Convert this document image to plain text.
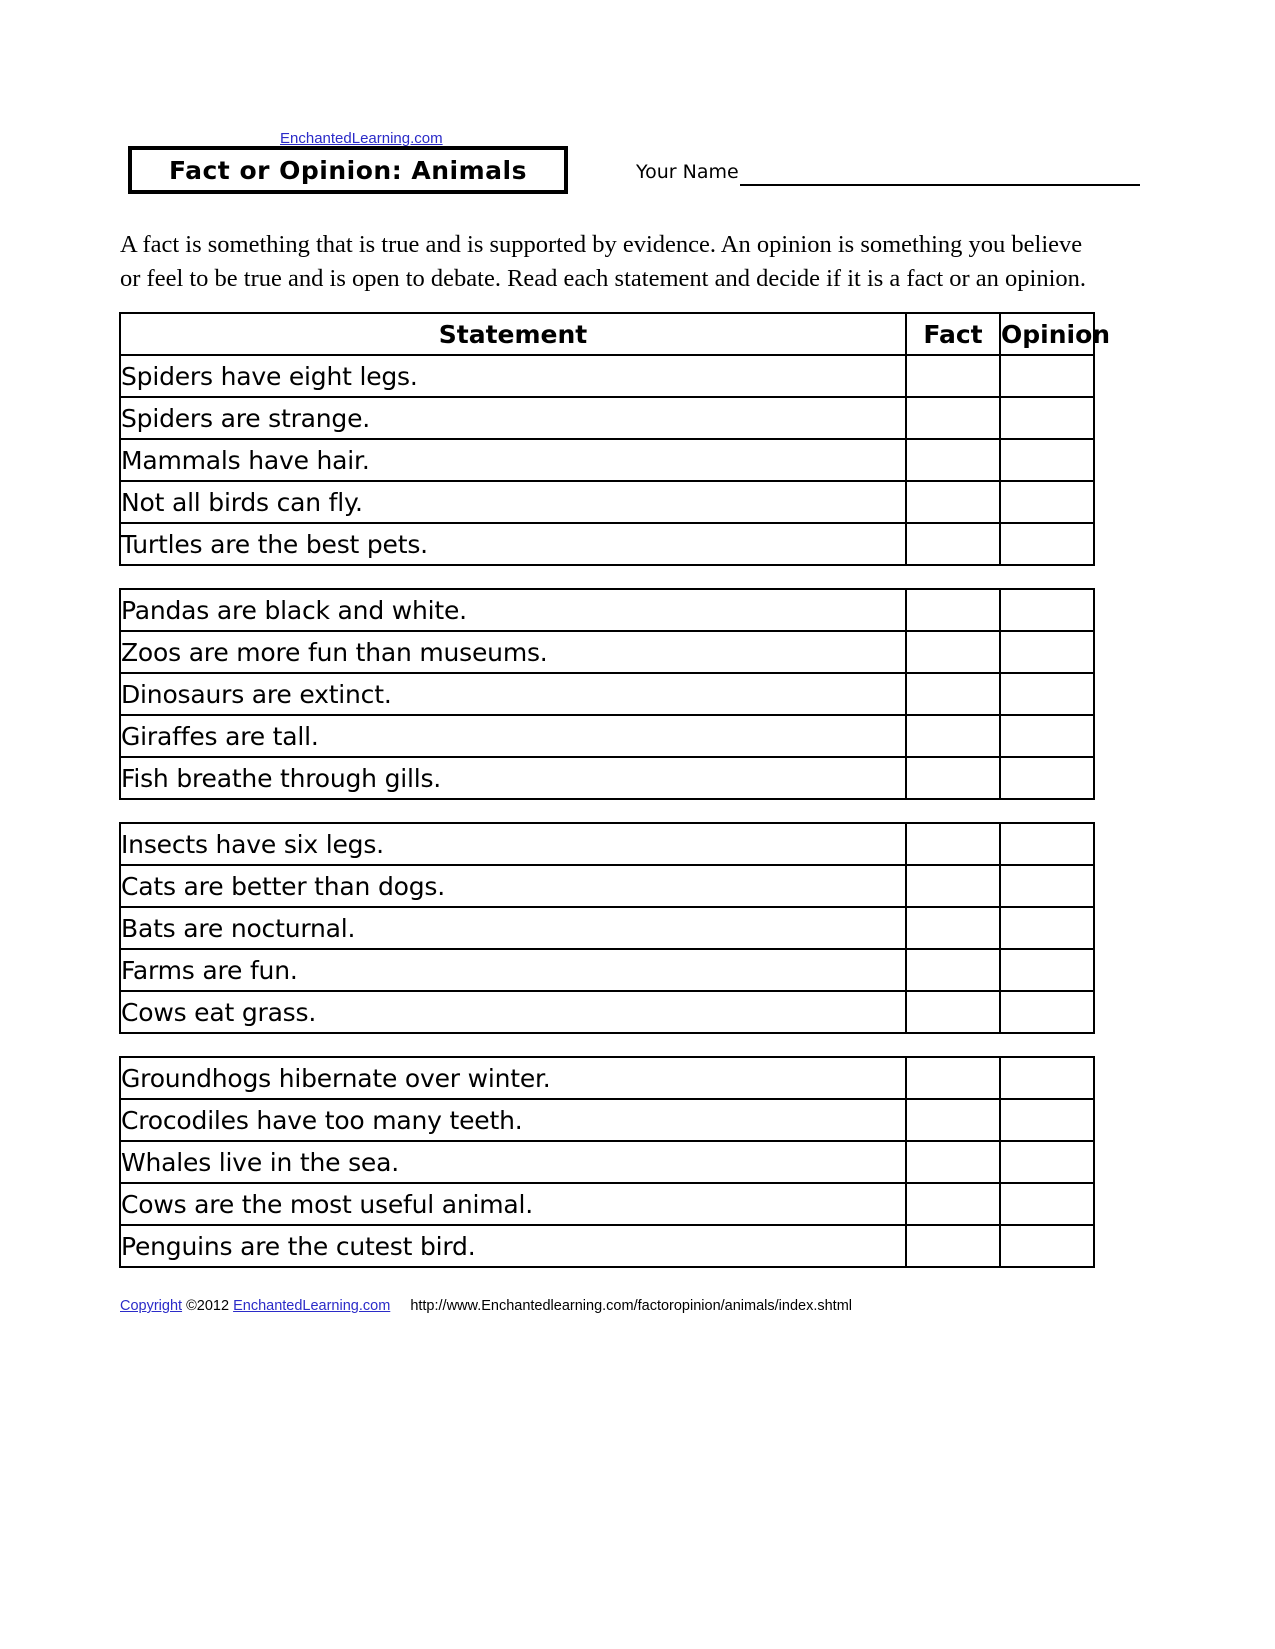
EnchantedLearning.com
Fact or Opinion: Animals	Your Name
A fact is something that is true and is supported by evidence. An opinion is something you believe or feel to be true and is open to debate. Read each statement and decide if it is a fact or an opinion.
Statement	Fact	Opinion
Spiders have eight legs.		
Spiders are strange.		
Mammals have hair.		
Not all birds can fly.		
Turtles are the best pets.		
Pandas are black and white.		
Zoos are more fun than museums.		
Dinosaurs are extinct.		
Giraffes are tall.		
Fish breathe through gills.		
Insects have six legs.		
Cats are better than dogs.		
Bats are nocturnal.		
Farms are fun.		
Cows eat grass.		
Groundhogs hibernate over winter.		
Crocodiles have too many teeth.		
Whales live in the sea.		
Cows are the most useful animal.		
Penguins are the cutest bird.		
Copyright ©2012 EnchantedLearning.com http://www.Enchantedlearning.com/factoropinion/animals/index.shtml
